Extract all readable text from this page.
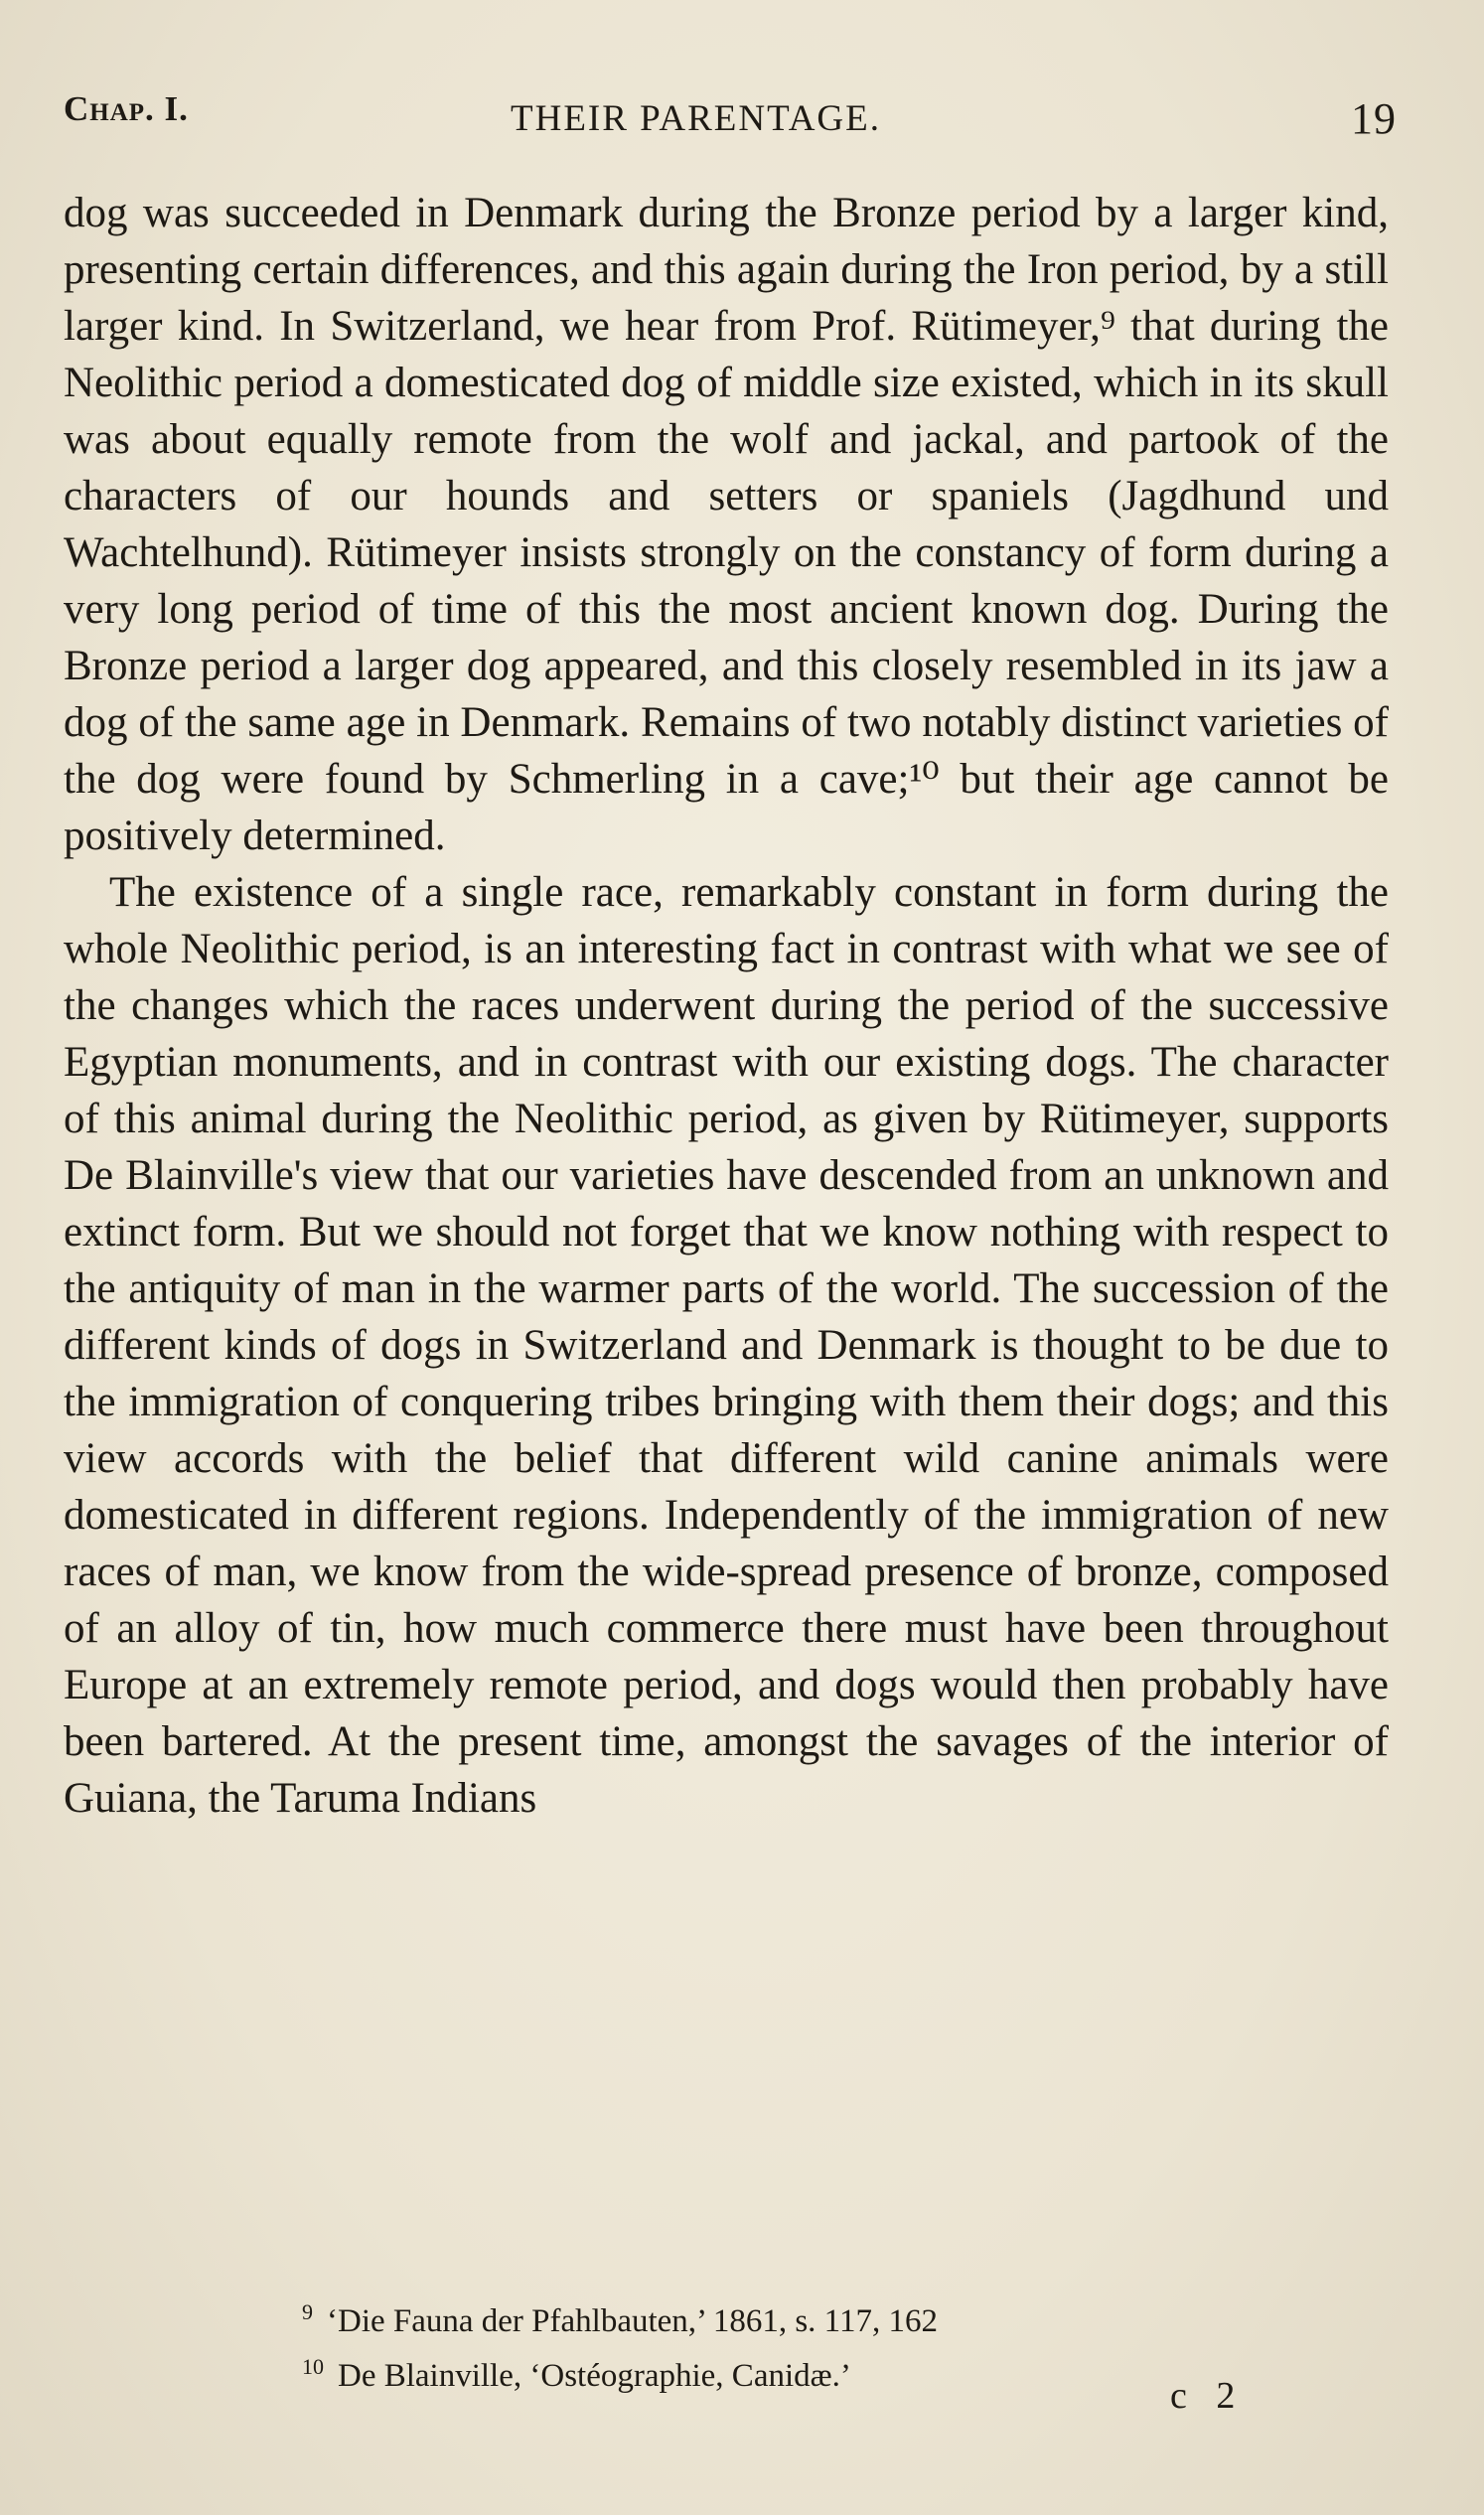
Chap. I.	THEIR PARENTAGE.	19

dog was succeeded in Denmark during the Bronze period by a larger kind, presenting certain differences, and this again during the Iron period, by a still larger kind. In Switzerland, we hear from Prof. Rütimeyer,⁹ that during the Neolithic period a domesticated dog of middle size existed, which in its skull was about equally remote from the wolf and jackal, and partook of the characters of our hounds and setters or spaniels (Jagdhund und Wachtelhund). Rütimeyer insists strongly on the constancy of form during a very long period of time of this the most ancient known dog. During the Bronze period a larger dog appeared, and this closely resembled in its jaw a dog of the same age in Denmark. Remains of two notably distinct varieties of the dog were found by Schmerling in a cave;¹⁰ but their age cannot be positively determined.

The existence of a single race, remarkably constant in form during the whole Neolithic period, is an interesting fact in contrast with what we see of the changes which the races underwent during the period of the successive Egyptian monuments, and in contrast with our existing dogs. The character of this animal during the Neolithic period, as given by Rütimeyer, supports De Blainville's view that our varieties have descended from an unknown and extinct form. But we should not forget that we know nothing with respect to the antiquity of man in the warmer parts of the world. The succession of the different kinds of dogs in Switzerland and Denmark is thought to be due to the immigration of conquering tribes bringing with them their dogs; and this view accords with the belief that different wild canine animals were domesticated in different regions. Independently of the immigration of new races of man, we know from the wide-spread presence of bronze, composed of an alloy of tin, how much commerce there must have been throughout Europe at an extremely remote period, and dogs would then probably have been bartered. At the present time, amongst the savages of the interior of Guiana, the Taruma Indians

$^9$ ‘Die Fauna der Pfahlbauten,’ 1861, s. 117, 162
$^{10}$ De Blainville, ‘Ostéographie, Canidæ.’	c 2
